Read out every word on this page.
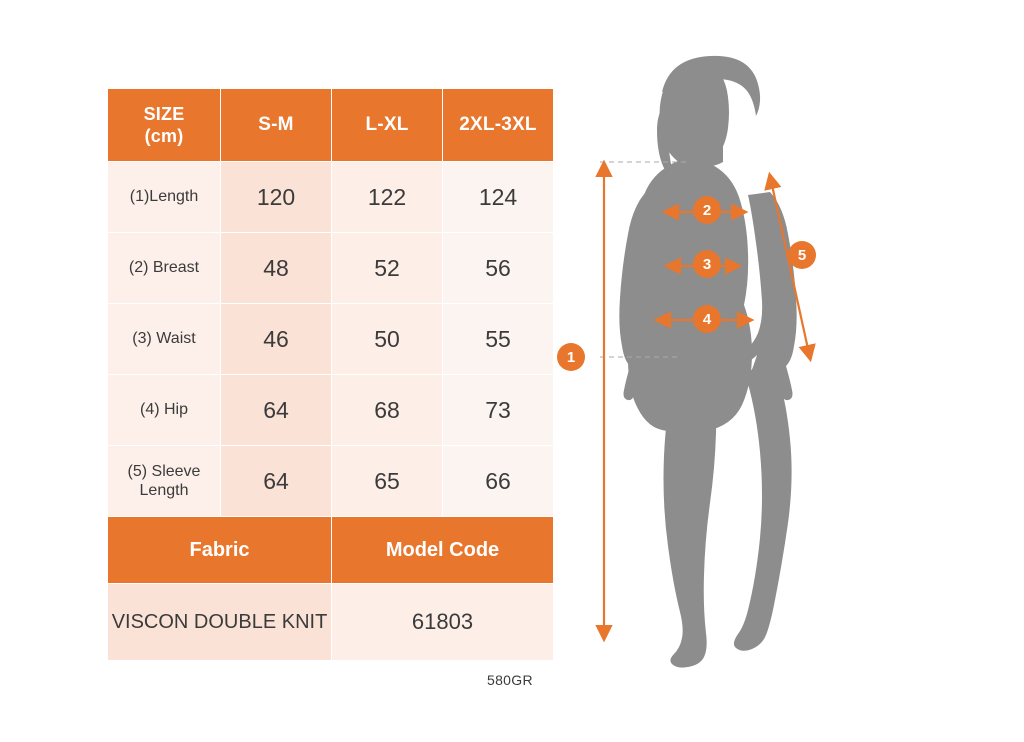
SIZE
(cm)	S-M	L-XL	2XL-3XL
(1)Length	120	122	124
(2) Breast	48	52	56
(3) Waist	46	50	55
(4) Hip	64	68	73
(5) Sleeve Length	64	65	66
Fabric		Model Code	
VISCON DOUBLE KNIT		61803	
580GR
1
2
3
4
5
